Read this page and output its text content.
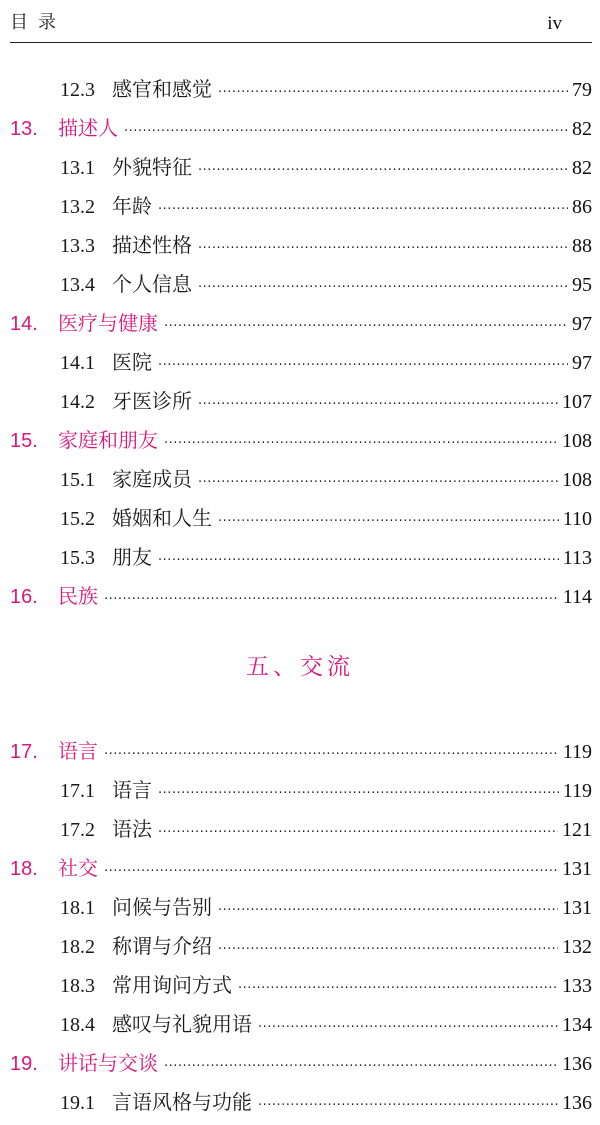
目录	iv
12.3 感官和感觉 ·····	79
13.	描述人 ·····	82
13.1 外貌特征 ·····	82
13.2 年龄 ·····	86
13.3 描述性格 ·····	88
13.4 个人信息 ·····	95
14.	医疗与健康 ·····	97
14.1 医院 ·····	97
14.2 牙医诊所 ·····	107
15.	家庭和朋友 ·····	108
15.1 家庭成员 ·····	108
15.2 婚姻和人生 ·····	110
15.3 朋友 ·····	113
16.	民族 ·····	114
五、交流
17.	语言 ·····	119
17.1 语言 ·····	119
17.2 语法 ·····	121
18.	社交 ·····	131
18.1 问候与告别 ·····	131
18.2 称谓与介绍 ·····	132
18.3 常用询问方式 ·····	133
18.4 感叹与礼貌用语 ·····	134
19.	讲话与交谈 ·····	136
19.1 言语风格与功能 ·····	136
